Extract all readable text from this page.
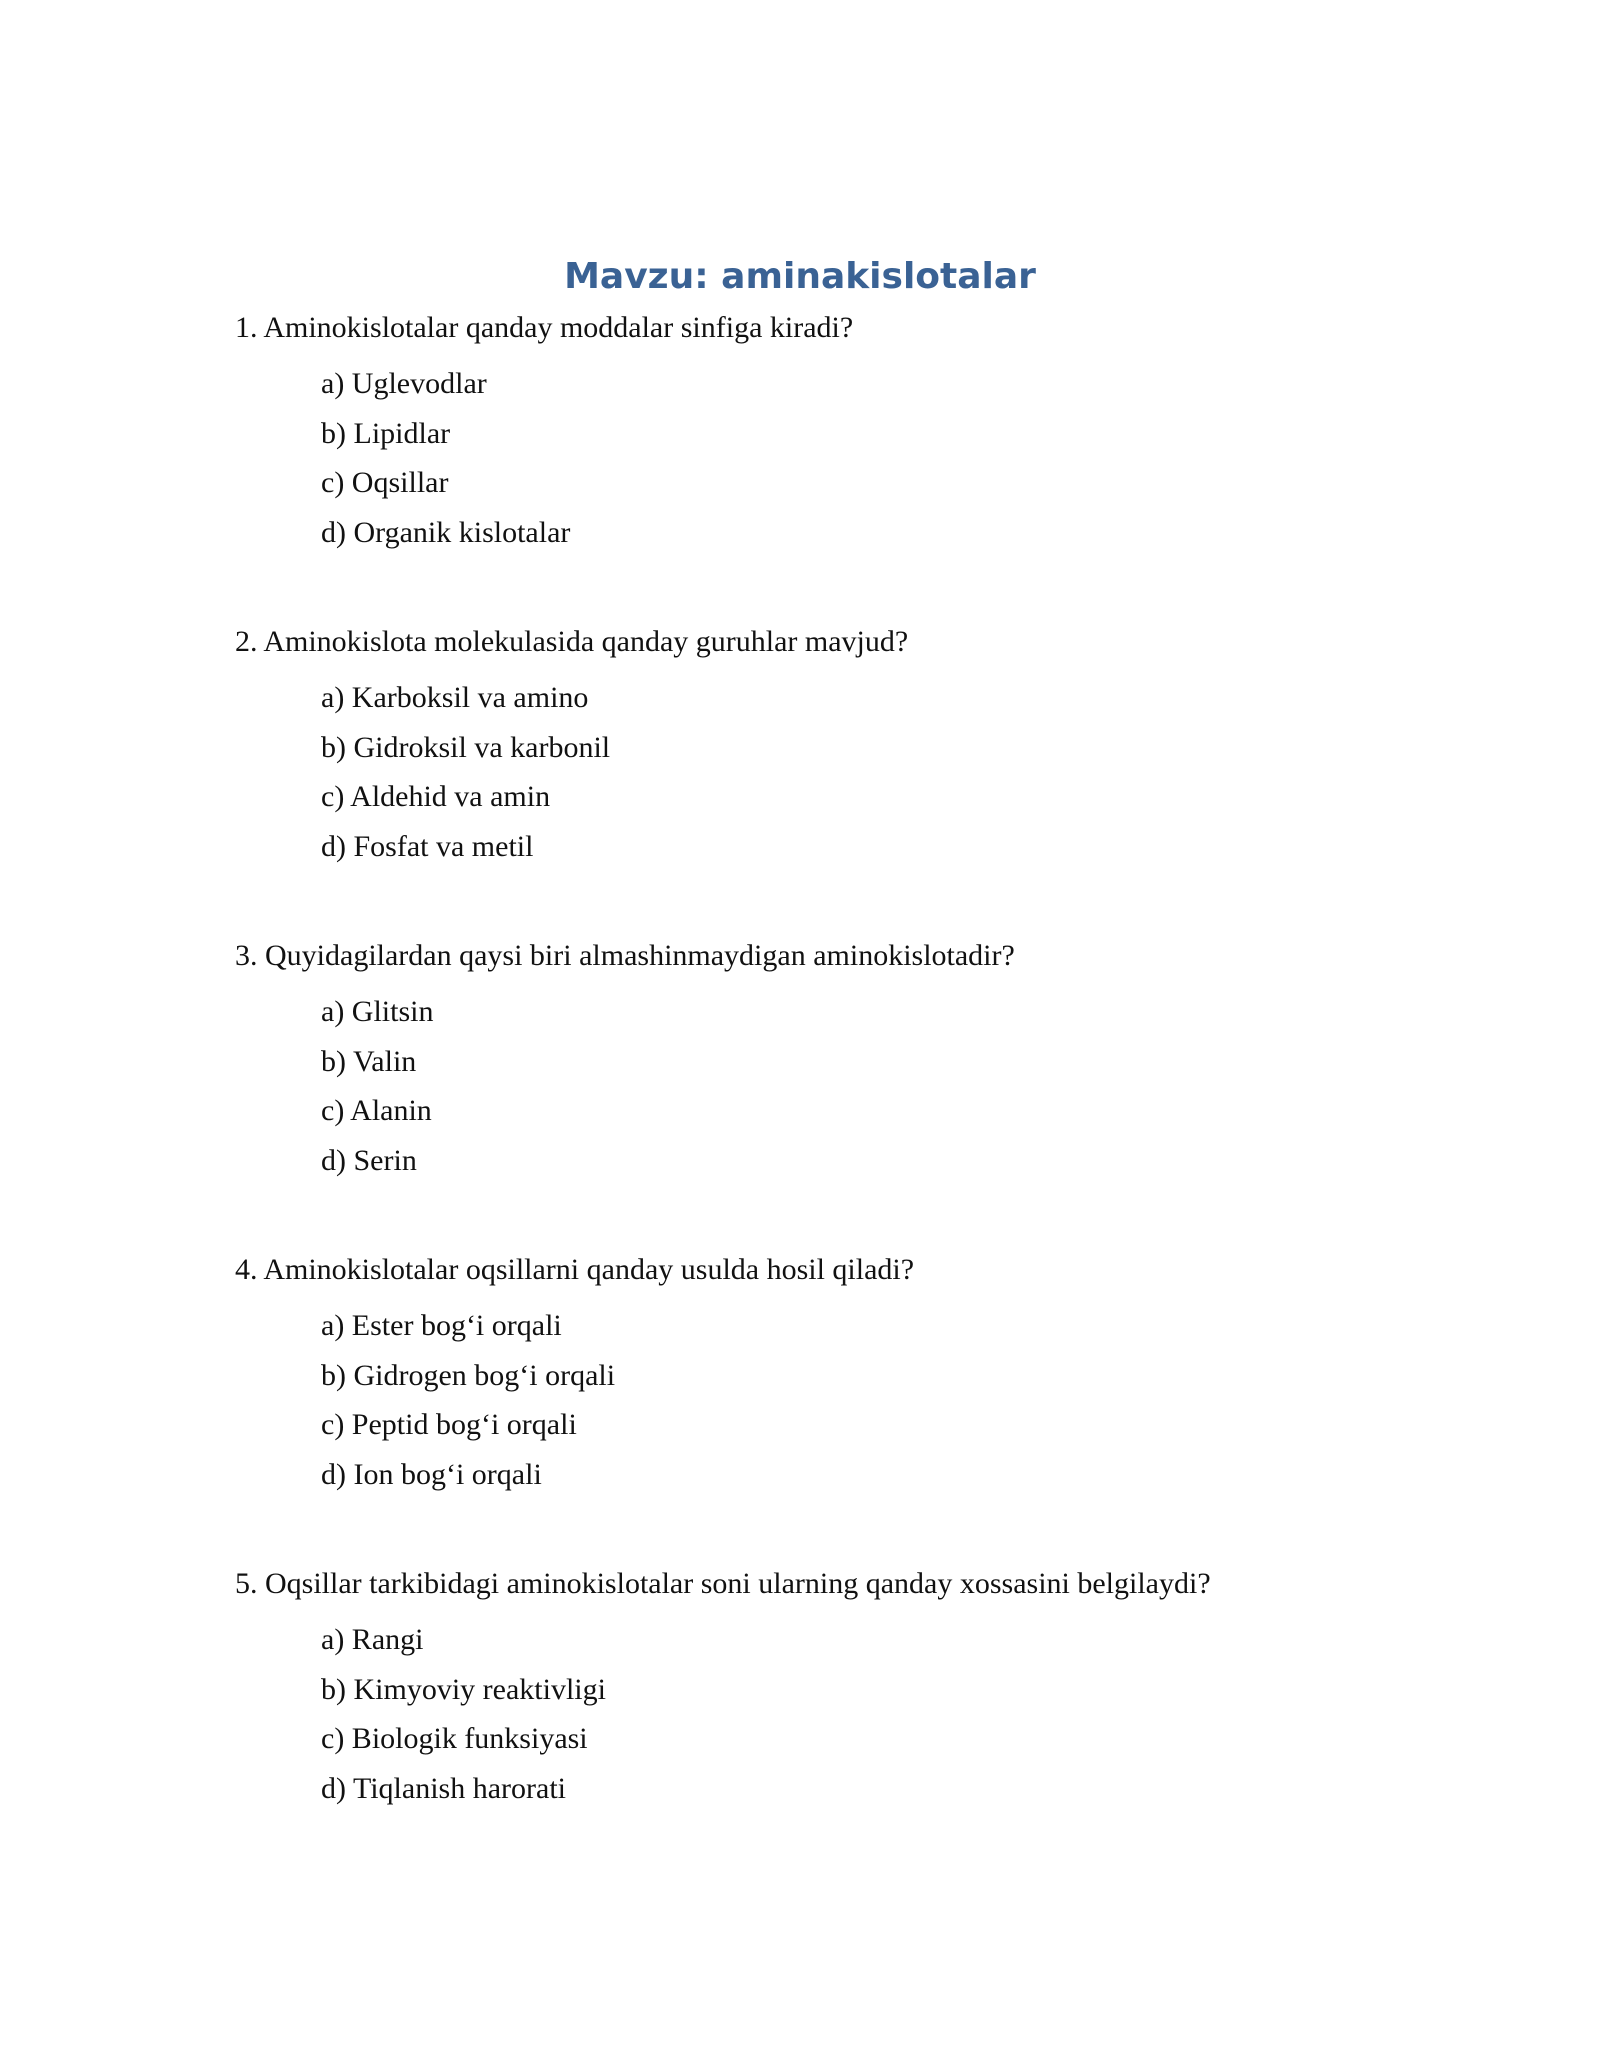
Mavzu: aminakislotalar

1. Aminokislotalar qanday moddalar sinfiga kiradi?

a) Uglevodlar
b) Lipidlar
c) Oqsillar
d) Organik kislotalar

2. Aminokislota molekulasida qanday guruhlar mavjud?

a) Karboksil va amino
b) Gidroksil va karbonil
c) Aldehid va amin
d) Fosfat va metil

3. Quyidagilardan qaysi biri almashinmaydigan aminokislotadir?

a) Glitsin
b) Valin
c) Alanin
d) Serin

4. Aminokislotalar oqsillarni qanday usulda hosil qiladi?

a) Ester bog‘i orqali
b) Gidrogen bog‘i orqali
c) Peptid bog‘i orqali
d) Ion bog‘i orqali

5. Oqsillar tarkibidagi aminokislotalar soni ularning qanday xossasini belgilaydi?

a) Rangi
b) Kimyoviy reaktivligi
c) Biologik funksiyasi
d) Tiqlanish harorati
